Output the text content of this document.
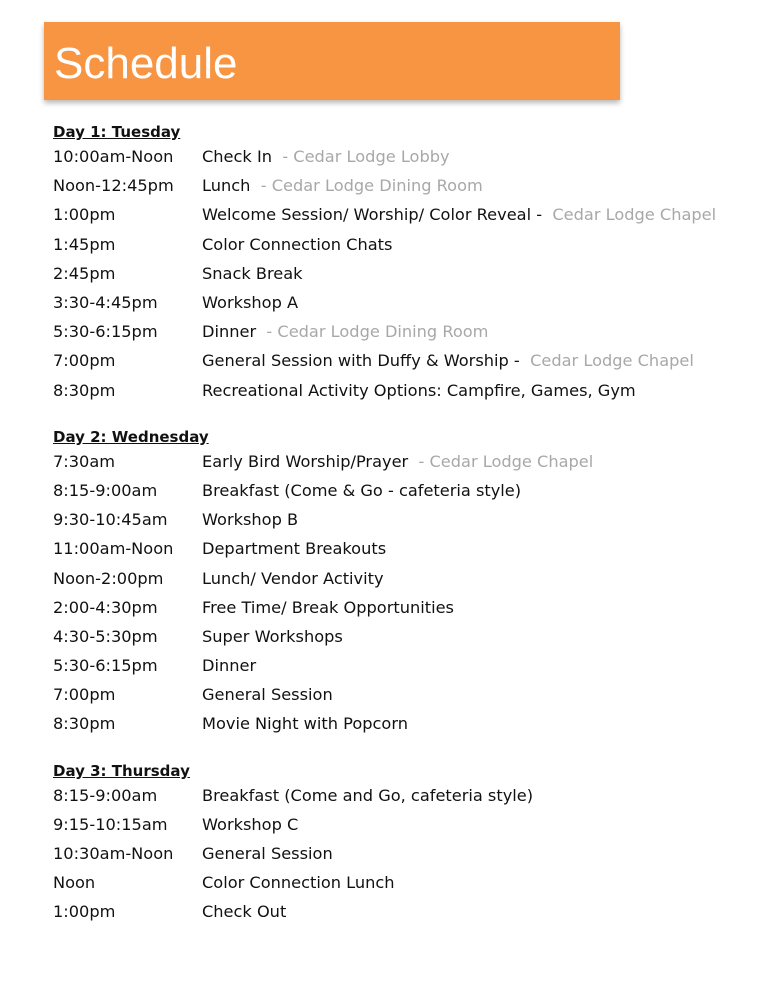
Schedule
Day 1: Tuesday
10:00am-Noon	Check In - Cedar Lodge Lobby
Noon-12:45pm	Lunch - Cedar Lodge Dining Room
1:00pm	Welcome Session/ Worship/ Color Reveal - Cedar Lodge Chapel
1:45pm	Color Connection Chats
2:45pm	Snack Break
3:30-4:45pm	Workshop A
5:30-6:15pm	Dinner - Cedar Lodge Dining Room
7:00pm	General Session with Duffy & Worship - Cedar Lodge Chapel
8:30pm	Recreational Activity Options: Campfire, Games, Gym
Day 2: Wednesday
7:30am	Early Bird Worship/Prayer - Cedar Lodge Chapel
8:15-9:00am	Breakfast (Come & Go - cafeteria style)
9:30-10:45am	Workshop B
11:00am-Noon	Department Breakouts
Noon-2:00pm	Lunch/ Vendor Activity
2:00-4:30pm	Free Time/ Break Opportunities
4:30-5:30pm	Super Workshops
5:30-6:15pm	Dinner
7:00pm	General Session
8:30pm	Movie Night with Popcorn
Day 3: Thursday
8:15-9:00am	Breakfast (Come and Go, cafeteria style)
9:15-10:15am	Workshop C
10:30am-Noon	General Session
Noon	Color Connection Lunch
1:00pm	Check Out
